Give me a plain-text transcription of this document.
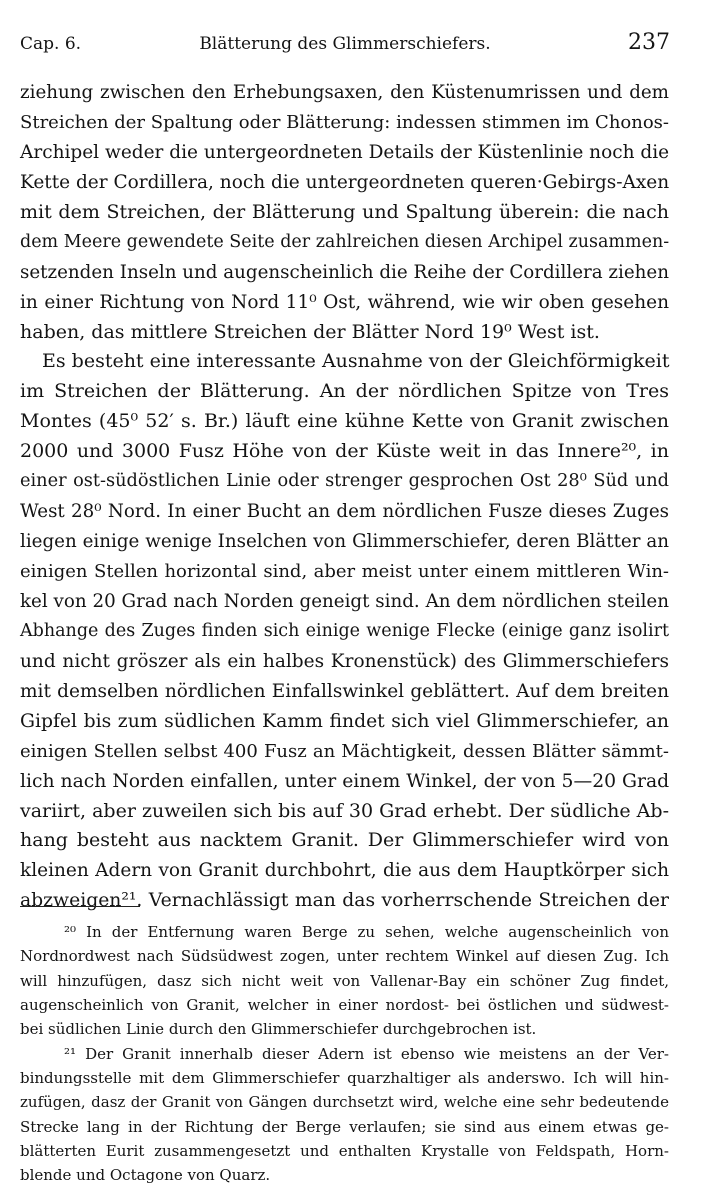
Cap. 6.	Blätterung des Glimmerschiefers.	237
ziehung zwischen den Erhebungsaxen, den Küstenumrissen und dem
Streichen der Spaltung oder Blätterung: indessen stimmen im Chonos-
Archipel weder die untergeordneten Details der Küstenlinie noch die
Kette der Cordillera, noch die untergeordneten queren·Gebirgs-Axen
mit dem Streichen, der Blätterung und Spaltung überein: die nach
dem Meere gewendete Seite der zahlreichen diesen Archipel zusammen-
setzenden Inseln und augenscheinlich die Reihe der Cordillera ziehen
in einer Richtung von Nord 11⁰ Ost, während, wie wir oben gesehen
haben, das mittlere Streichen der Blätter Nord 19⁰ West ist.
Es besteht eine interessante Ausnahme von der Gleichförmigkeit
im Streichen der Blätterung. An der nördlichen Spitze von Tres
Montes (45⁰ 52′ s. Br.) läuft eine kühne Kette von Granit zwischen
2000 und 3000 Fusz Höhe von der Küste weit in das Innere²⁰, in
einer ost-südöstlichen Linie oder strenger gesprochen Ost 28⁰ Süd und
West 28⁰ Nord. In einer Bucht an dem nördlichen Fusze dieses Zuges
liegen einige wenige Inselchen von Glimmerschiefer, deren Blätter an
einigen Stellen horizontal sind, aber meist unter einem mittleren Win-
kel von 20 Grad nach Norden geneigt sind. An dem nördlichen steilen
Abhange des Zuges finden sich einige wenige Flecke (einige ganz isolirt
und nicht gröszer als ein halbes Kronenstück) des Glimmerschiefers
mit demselben nördlichen Einfallswinkel geblättert. Auf dem breiten
Gipfel bis zum südlichen Kamm findet sich viel Glimmerschiefer, an
einigen Stellen selbst 400 Fusz an Mächtigkeit, dessen Blätter sämmt-
lich nach Norden einfallen, unter einem Winkel, der von 5—20 Grad
variirt, aber zuweilen sich bis auf 30 Grad erhebt. Der südliche Ab-
hang besteht aus nacktem Granit. Der Glimmerschiefer wird von
kleinen Adern von Granit durchbohrt, die aus dem Hauptkörper sich
abzweigen²¹. Vernachlässigt man das vorherrschende Streichen der
²⁰ In der Entfernung waren Berge zu sehen, welche augenscheinlich von
Nordnordwest nach Südsüdwest zogen, unter rechtem Winkel auf diesen Zug. Ich
will hinzufügen, dasz sich nicht weit von Vallenar-Bay ein schöner Zug findet,
augenscheinlich von Granit, welcher in einer nordost- bei östlichen und südwest-
bei südlichen Linie durch den Glimmerschiefer durchgebrochen ist.
²¹ Der Granit innerhalb dieser Adern ist ebenso wie meistens an der Ver-
bindungsstelle mit dem Glimmerschiefer quarzhaltiger als anderswo. Ich will hin-
zufügen, dasz der Granit von Gängen durchsetzt wird, welche eine sehr bedeutende
Strecke lang in der Richtung der Berge verlaufen; sie sind aus einem etwas ge-
blätterten Eurit zusammengesetzt und enthalten Krystalle von Feldspath, Horn-
blende und Octagone von Quarz.
